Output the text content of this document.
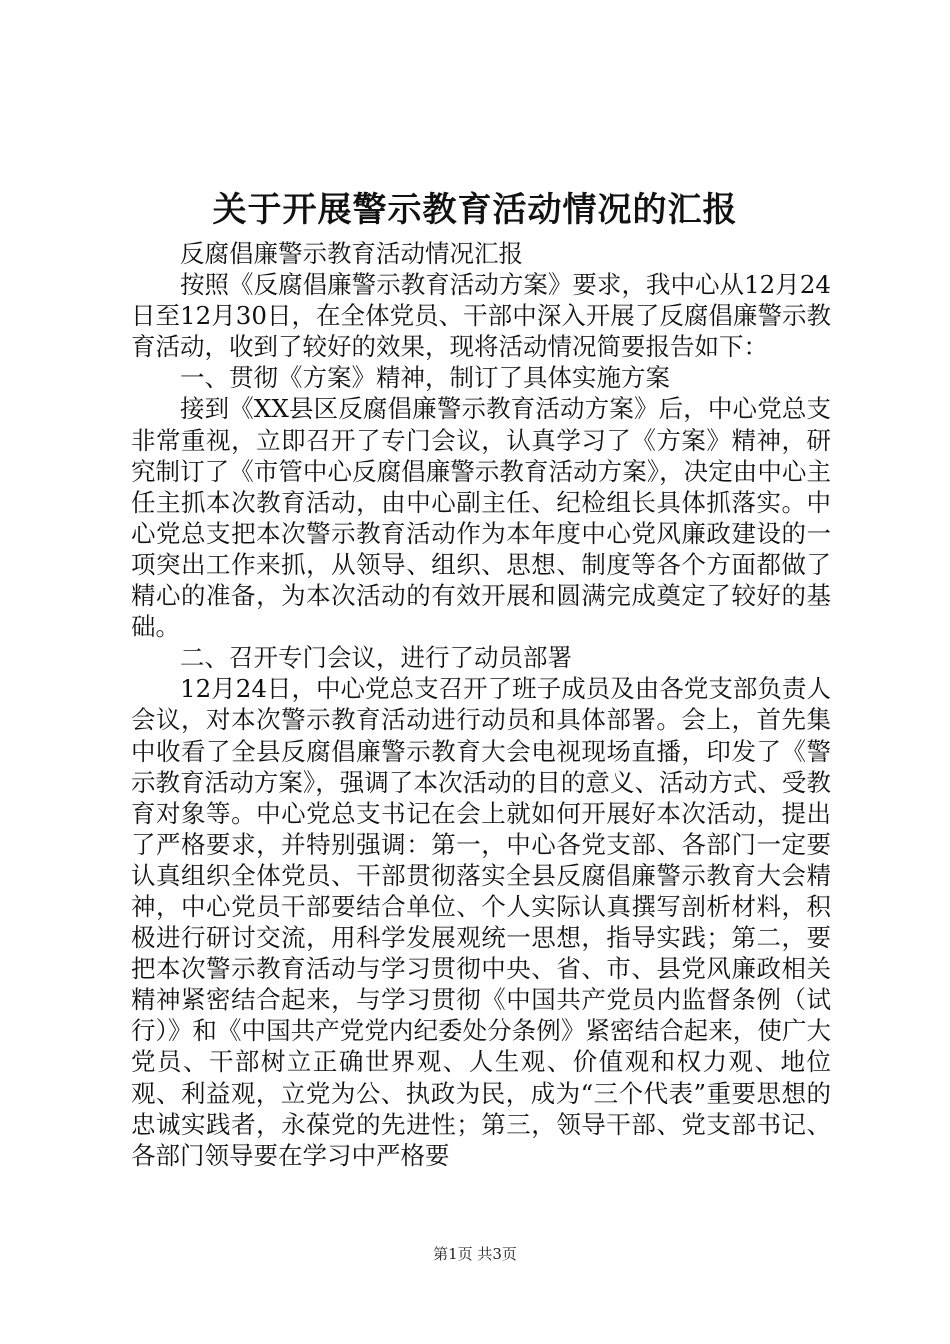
关于开展警示教育活动情况的汇报

反腐倡廉警示教育活动情况汇报

按照《反腐倡廉警示教育活动方案》要求，我中心从12月24日至12月30日，在全体党员、干部中深入开展了反腐倡廉警示教育活动，收到了较好的效果，现将活动情况简要报告如下：

一、贯彻《方案》精神，制订了具体实施方案

接到《XX县区反腐倡廉警示教育活动方案》后，中心党总支非常重视，立即召开了专门会议，认真学习了《方案》精神，研究制订了《市管中心反腐倡廉警示教育活动方案》，决定由中心主任主抓本次教育活动，由中心副主任、纪检组长具体抓落实。中心党总支把本次警示教育活动作为本年度中心党风廉政建设的一项突出工作来抓，从领导、组织、思想、制度等各个方面都做了精心的准备，为本次活动的有效开展和圆满完成奠定了较好的基础。

二、召开专门会议，进行了动员部署

12月24日，中心党总支召开了班子成员及由各党支部负责人会议，对本次警示教育活动进行动员和具体部署。会上，首先集中收看了全县反腐倡廉警示教育大会电视现场直播，印发了《警示教育活动方案》，强调了本次活动的目的意义、活动方式、受教育对象等。中心党总支书记在会上就如何开展好本次活动，提出了严格要求，并特别强调：第一，中心各党支部、各部门一定要认真组织全体党员、干部贯彻落实全县反腐倡廉警示教育大会精神，中心党员干部要结合单位、个人实际认真撰写剖析材料，积极进行研讨交流，用科学发展观统一思想，指导实践；第二，要把本次警示教育活动与学习贯彻中央、省、市、县党风廉政相关精神紧密结合起来，与学习贯彻《中国共产党员内监督条例（试行）》和《中国共产党党内纪委处分条例》紧密结合起来，使广大党员、干部树立正确世界观、人生观、价值观和权力观、地位观、利益观，立党为公、执政为民，成为“三个代表”重要思想的忠诚实践者，永葆党的先进性；第三，领导干部、党支部书记、各部门领导要在学习中严格要

第1页 共3页
